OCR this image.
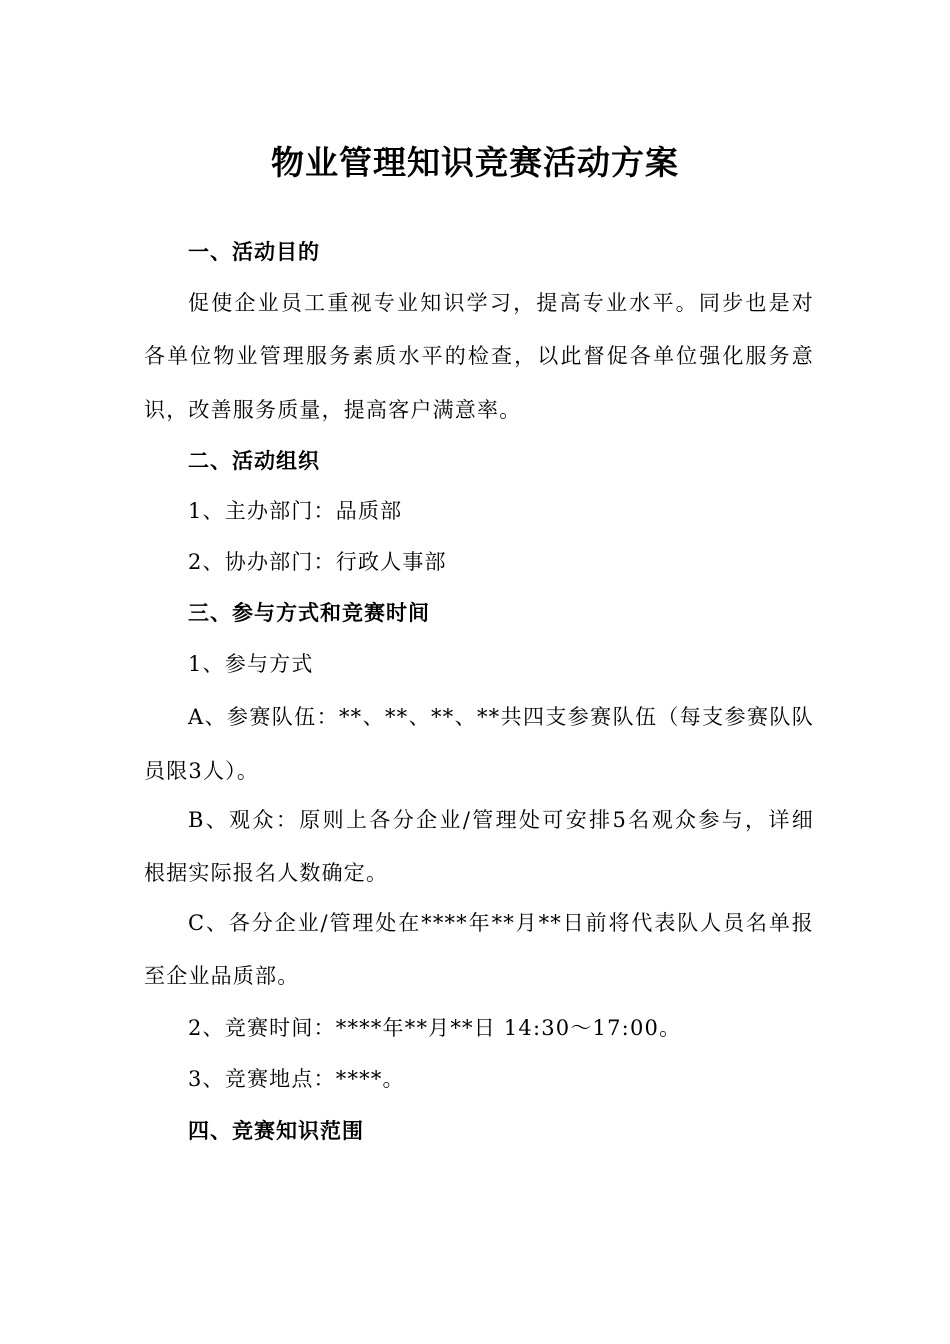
物业管理知识竞赛活动方案
一、活动目的
促使企业员工重视专业知识学习，提高专业水平。同步也是对
各单位物业管理服务素质水平的检查，以此督促各单位强化服务意
识，改善服务质量，提高客户满意率。
二、活动组织
1、主办部门：品质部
2、协办部门：行政人事部
三、参与方式和竞赛时间
1、参与方式
A、参赛队伍：**、**、**、**共四支参赛队伍（每支参赛队队
员限3人）。
B、观众：原则上各分企业/管理处可安排5名观众参与，详细
根据实际报名人数确定。
C、各分企业/管理处在****年**月**日前将代表队人员名单报
至企业品质部。
2、竞赛时间：****年**月**日 14:30～17:00。
3、竞赛地点：****。
四、竞赛知识范围
